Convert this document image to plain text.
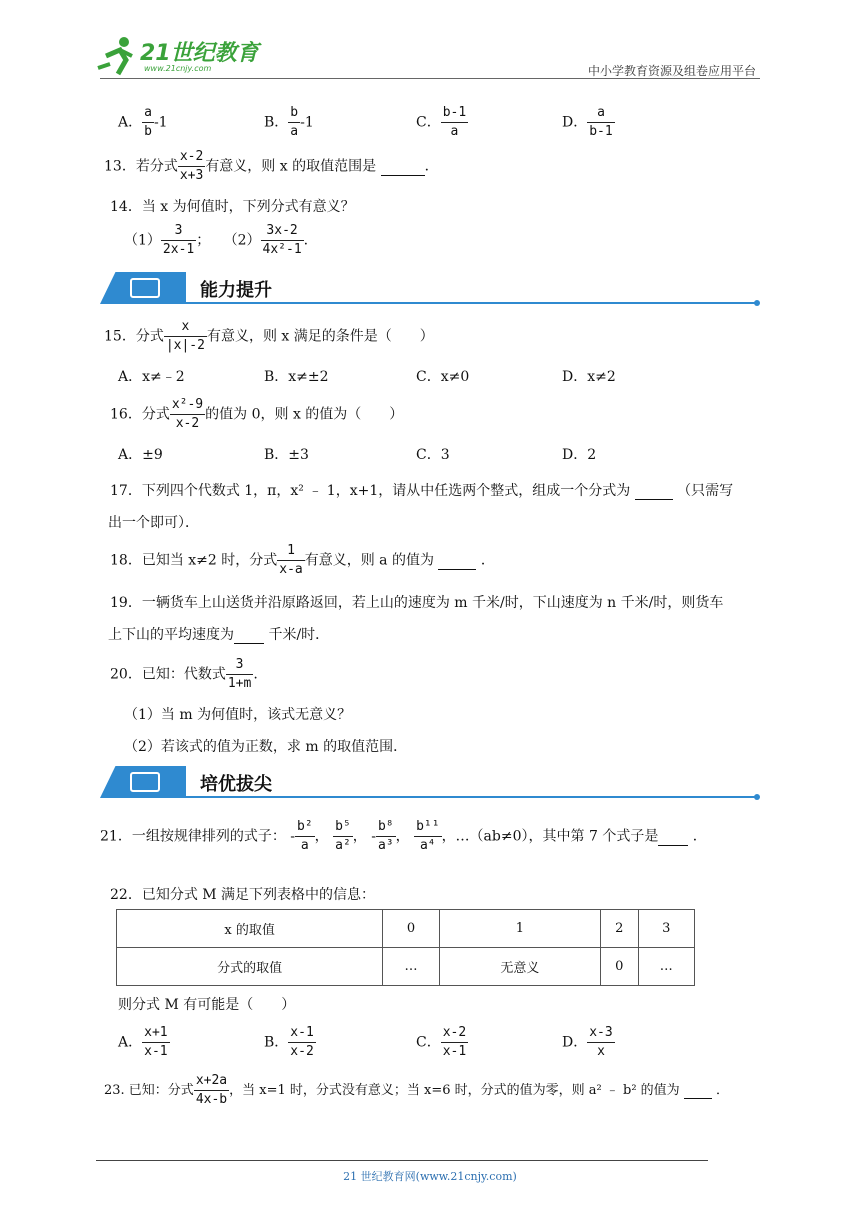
21世纪教育
www.21cnjy.com	中小学教育资源及组卷应用平台
A． $\frac{a}{b} -1$	B． $\frac{b}{a} -1$	C． $\frac{b-1}{a}$	D． $\frac{a}{b-1}$
13．若分式 $\frac{x-2}{x+3}$ 有意义，则 x 的取值范围是	．
14．当 x 为何值时，下列分式有意义？
$(1) \frac{3}{2x-1}$ ； $(2) \frac{3x-2}{\text{4x²-1}}$ .
能力提升
15．分式 $\frac{x}{|x|-2}$ 有意义，则 x 满足的条件是（　　）
A．x≠﹣2	B．x≠±2	C．x≠0	D．x≠2
16．分式 $\frac{\text{x²-9}}{x-2}$ 的值为 0，则 x 的值为（　　）
A．±9	B．±3	C．3	D．2
17．下列四个代数式 1，π，x² ﹣ 1，x+1，请从中任选两个整式，组成一个分式为	（只需写
出一个即可）．
18．已知当 x≠2 时，分式 $\frac{1}{x-a}$ 有意义，则 a 的值为	．
19．一辆货车上山送货并沿原路返回，若上山的速度为 m 千米/时，下山速度为 n 千米/时，则货车
上下山的平均速度为 千米/时．
20．已知：代数式 $\frac{3}{1+m}$ .
（1）当 m 为何值时，该式无意义？
（2）若该式的值为正数，求 m 的取值范围．
培优拔尖
21．一组按规律排列的式子： - $\frac{\text{b²}}{a}$ ， $\frac{\text{b⁵}}{\text{a²}}$ ， - $\frac{\text{b⁸}}{\text{a³}}$ ， $\frac{\text{b¹¹}}{\text{a⁴}}$ ，…（ab≠0），其中第 7 个式子是 ．
22．已知分式 M 满足下列表格中的信息：
x 的取值	0	1	2	3
分式的取值	…	无意义	0	…
则分式 M 有可能是（　　）
A． $\frac{x+1}{x-1}$	B． $\frac{x-1}{x-2}$	C． $\frac{x-2}{x-1}$	D． $\frac{x-3}{x}$
23. 已知：分式 $\frac{x+2a}{4x-b}$ ，当 x=1 时，分式没有意义；当 x=6 时，分式的值为零，则 a² ﹣ b² 的值为	．
21 世纪教育网(www.21cnjy.com)
